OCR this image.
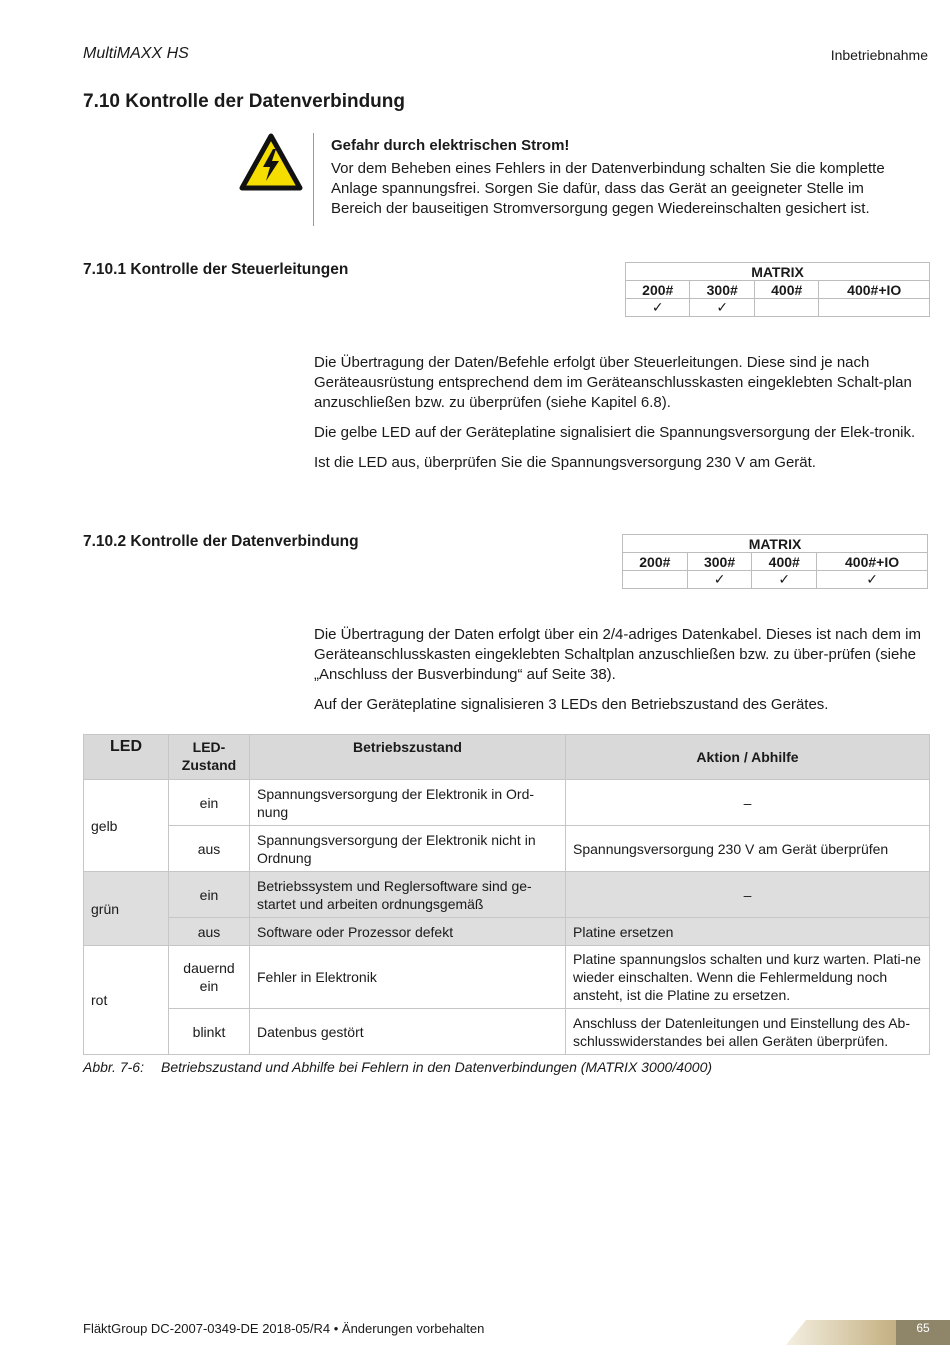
MultiMAXX HS	Inbetriebnahme
7.10 Kontrolle der Datenverbindung
Gefahr durch elektrischen Strom!
Vor dem Beheben eines Fehlers in der Datenverbindung schalten Sie die komplette
Anlage spannungsfrei. Sorgen Sie dafür, dass das Gerät an geeigneter Stelle im
Bereich der bauseitigen Stromversorgung gegen Wiedereinschalten gesichert ist.
7.10.1 Kontrolle der Steuerleitungen	MATRIX			
200#	300#	400#	400#+IO
✓	✓		

Die Übertragung der Daten/Befehle erfolgt über Steuerleitungen. Diese sind je nach Geräteausrüstung entsprechend dem im Geräteanschlusskasten eingeklebten Schalt-plan anzuschließen bzw. zu überprüfen (siehe Kapitel 6.8).

Die gelbe LED auf der Geräteplatine signalisiert die Spannungsversorgung der Elek-tronik.

Ist die LED aus, überprüfen Sie die Spannungsversorgung 230 V am Gerät.

7.10.2 Kontrolle der Datenverbindung	MATRIX			
200#	300#	400#	400#+IO
	✓	✓	✓

Die Übertragung der Daten erfolgt über ein 2/4-adriges Datenkabel. Dieses ist nach dem im Geräteanschlusskasten eingeklebten Schaltplan anzuschließen bzw. zu über-prüfen (siehe „Anschluss der Busverbindung“ auf Seite 38).

Auf der Geräteplatine signalisieren 3 LEDs den Betriebszustand des Gerätes.

LED	LED-Zustand	Betriebszustand	Aktion / Abhilfe
gelb	ein	Spannungsversorgung der Elektronik in Ord-nung	–
	aus	Spannungsversorgung der Elektronik nicht in Ordnung	Spannungsversorgung 230 V am Gerät überprüfen
grün	ein	Betriebssystem und Reglersoftware sind ge-startet und arbeiten ordnungsgemäß	–
	aus	Software oder Prozessor defekt	Platine ersetzen
rot	dauernd ein	Fehler in Elektronik	Platine spannungslos schalten und kurz warten. Plati-ne wieder einschalten. Wenn die Fehlermeldung noch ansteht, ist die Platine zu ersetzen.
	blinkt	Datenbus gestört	Anschluss der Datenleitungen und Einstellung des Ab-schlusswiderstandes bei allen Geräten überprüfen.
Abbr. 7-6: Betriebszustand und Abhilfe bei Fehlern in den Datenverbindungen (MATRIX 3000/4000)
FläktGroup DC-2007-0349-DE 2018-05/R4 • Änderungen vorbehalten	65
